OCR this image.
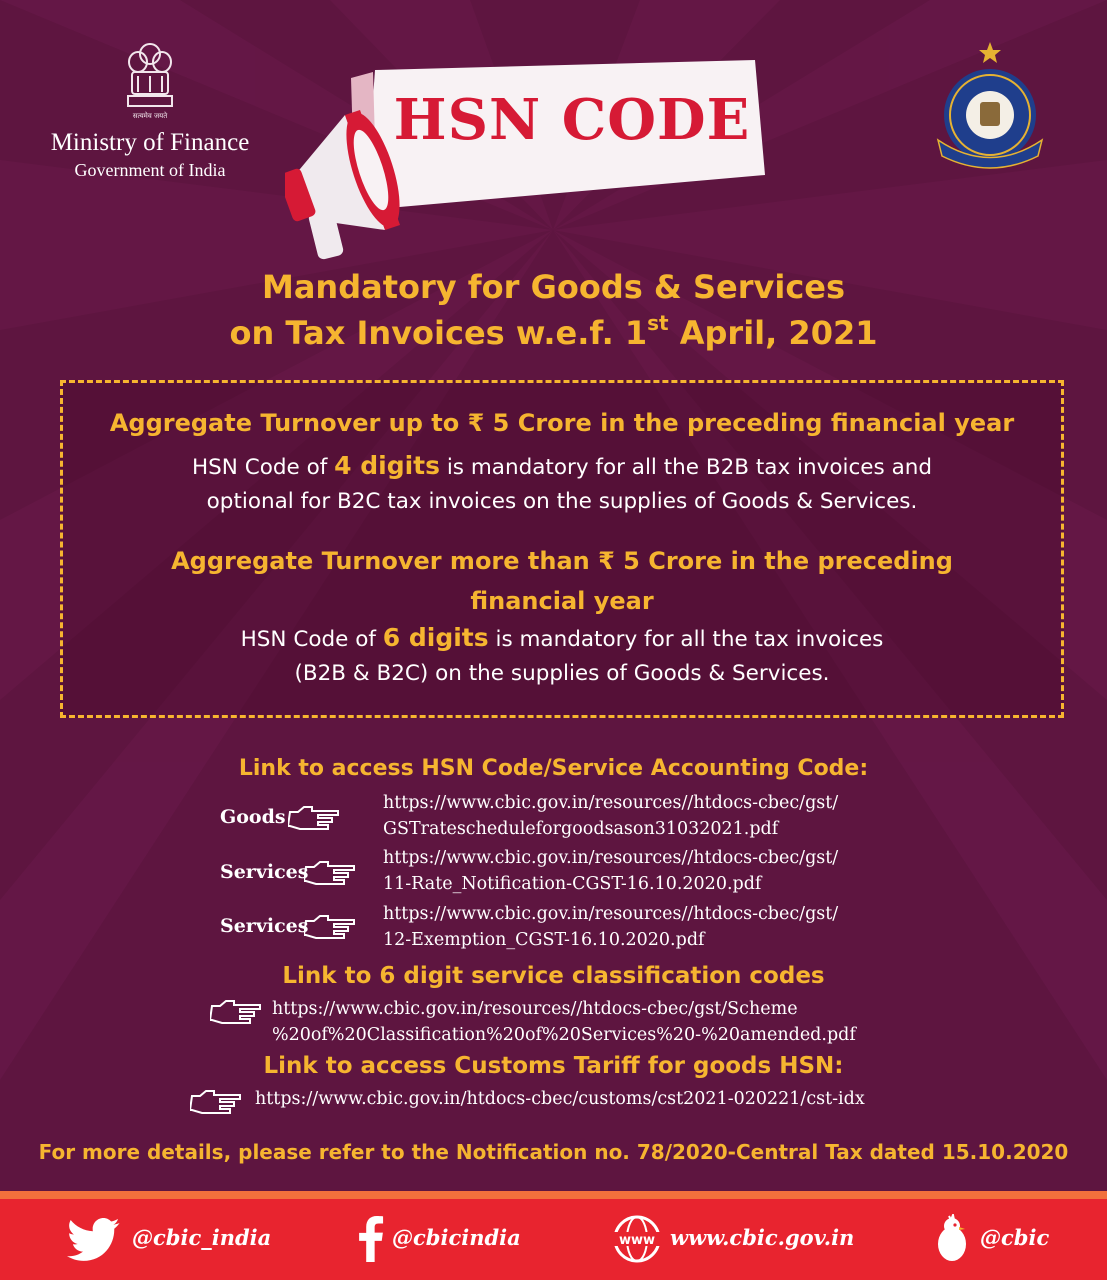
सत्यमेव जयते
Ministry of Finance
Government of India
HSN CODE
Mandatory for Goods & Services
on Tax Invoices w.e.f. 1st April, 2021
Aggregate Turnover up to ₹ 5 Crore in the preceding financial year
HSN Code of 4 digits is mandatory for all the B2B tax invoices and
optional for B2C tax invoices on the supplies of Goods & Services.
Aggregate Turnover more than ₹ 5 Crore in the preceding
financial year
HSN Code of 6 digits is mandatory for all the tax invoices
(B2B & B2C) on the supplies of Goods & Services.
Link to access HSN Code/Service Accounting Code:
Goods
https://www.cbic.gov.in/resources//htdocs-cbec/gst/
GSTratescheduleforgoodsason31032021.pdf
Services
https://www.cbic.gov.in/resources//htdocs-cbec/gst/
11-Rate_Notification-CGST-16.10.2020.pdf
Services
https://www.cbic.gov.in/resources//htdocs-cbec/gst/
12-Exemption_CGST-16.10.2020.pdf
Link to 6 digit service classification codes
https://www.cbic.gov.in/resources//htdocs-cbec/gst/Scheme
%20of%20Classification%20of%20Services%20-%20amended.pdf
Link to access Customs Tariff for goods HSN:
https://www.cbic.gov.in/htdocs-cbec/customs/cst2021-020221/cst-idx
For more details, please refer to the Notification no. 78/2020-Central Tax dated 15.10.2020
@cbic_india	@cbicindia	www www.cbic.gov.in	@cbic
